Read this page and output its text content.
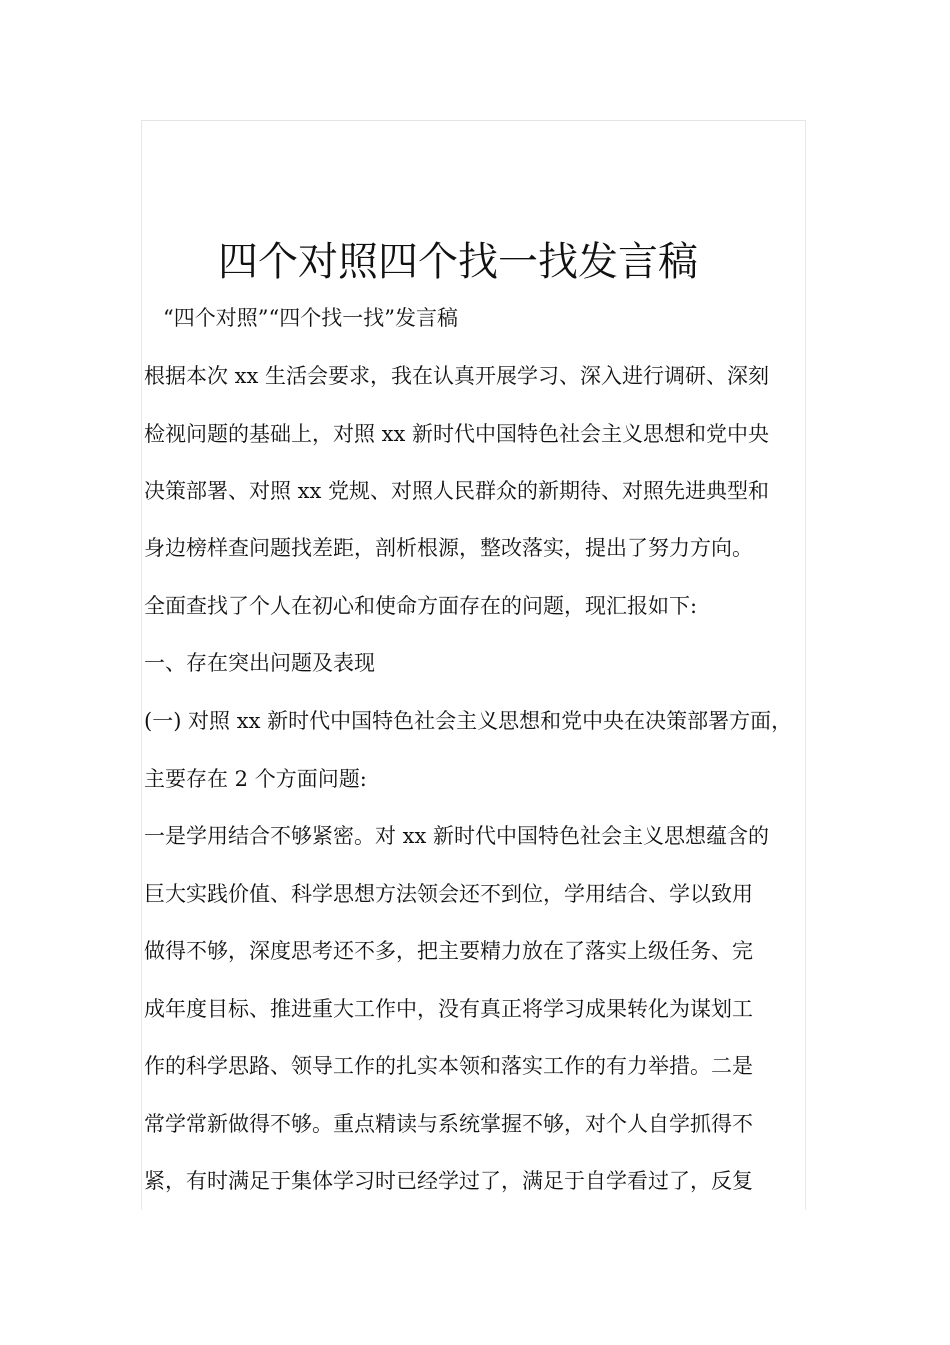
四个对照四个找一找发言稿
“四个对照”“四个找一找”发言稿
根据本次 xx 生活会要求，我在认真开展学习、深入进行调研、深刻
检视问题的基础上，对照 xx 新时代中国特色社会主义思想和党中央
决策部署、对照 xx 党规、对照人民群众的新期待、对照先进典型和
身边榜样查问题找差距，剖析根源，整改落实，提出了努力方向。
全面查找了个人在初心和使命方面存在的问题，现汇报如下:
一、存在突出问题及表现
(一) 对照 xx 新时代中国特色社会主义思想和党中央在决策部署方面，
主要存在 2 个方面问题:
一是学用结合不够紧密。对 xx 新时代中国特色社会主义思想蕴含的
巨大实践价值、科学思想方法领会还不到位，学用结合、学以致用
做得不够，深度思考还不多，把主要精力放在了落实上级任务、完
成年度目标、推进重大工作中，没有真正将学习成果转化为谋划工
作的科学思路、领导工作的扎实本领和落实工作的有力举措。二是
常学常新做得不够。重点精读与系统掌握不够，对个人自学抓得不
紧，有时满足于集体学习时已经学过了，满足于自学看过了，反复
